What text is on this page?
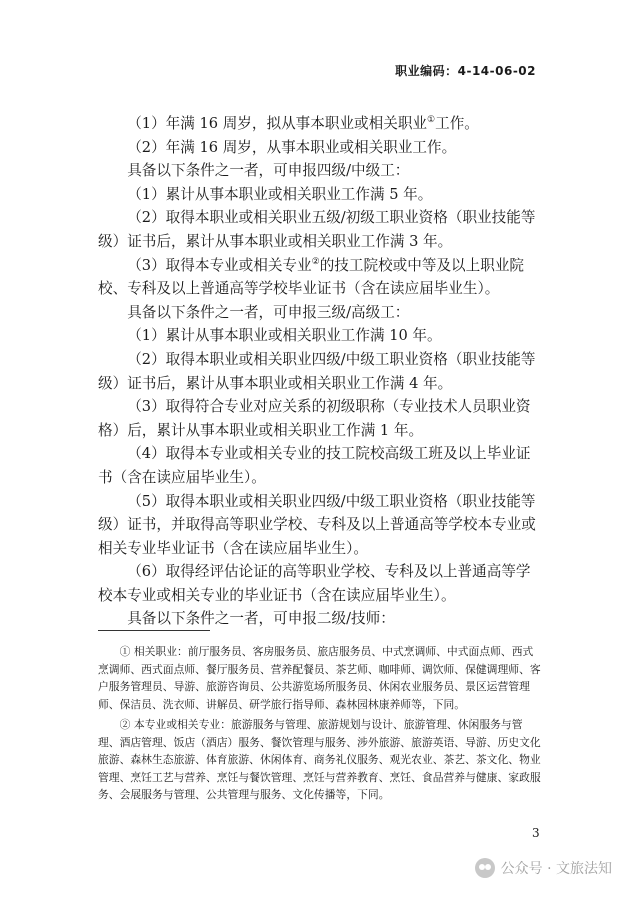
职业编码：4-14-06-02

（1）年满 16 周岁，拟从事本职业或相关职业①工作。

（2）年满 16 周岁，从事本职业或相关职业工作。

具备以下条件之一者，可申报四级/中级工：

（1）累计从事本职业或相关职业工作满 5 年。

（2）取得本职业或相关职业五级/初级工职业资格（职业技能等级）证书后，累计从事本职业或相关职业工作满 3 年。

（3）取得本专业或相关专业②的技工院校或中等及以上职业院校、专科及以上普通高等学校毕业证书（含在读应届毕业生）。

具备以下条件之一者，可申报三级/高级工：

（1）累计从事本职业或相关职业工作满 10 年。

（2）取得本职业或相关职业四级/中级工职业资格（职业技能等级）证书后，累计从事本职业或相关职业工作满 4 年。

（3）取得符合专业对应关系的初级职称（专业技术人员职业资格）后，累计从事本职业或相关职业工作满 1 年。

（4）取得本专业或相关专业的技工院校高级工班及以上毕业证书（含在读应届毕业生）。

（5）取得本职业或相关职业四级/中级工职业资格（职业技能等级）证书，并取得高等职业学校、专科及以上普通高等学校本专业或相关专业毕业证书（含在读应届毕业生）。

（6）取得经评估论证的高等职业学校、专科及以上普通高等学校本专业或相关专业的毕业证书（含在读应届毕业生）。

具备以下条件之一者，可申报二级/技师：

① 相关职业：前厅服务员、客房服务员、旅店服务员、中式烹调师、中式面点师、西式烹调师、西式面点师、餐厅服务员、营养配餐员、茶艺师、咖啡师、调饮师、保健调理师、客户服务管理员、导游、旅游咨询员、公共游览场所服务员、休闲农业服务员、景区运营管理师、保洁员、洗衣师、讲解员、研学旅行指导师、森林园林康养师等，下同。

② 本专业或相关专业：旅游服务与管理、旅游规划与设计、旅游管理、休闲服务与管理、酒店管理、饭店（酒店）服务、餐饮管理与服务、涉外旅游、旅游英语、导游、历史文化旅游、森林生态旅游、体育旅游、休闲体育、商务礼仪服务、观光农业、茶艺、茶文化、物业管理、烹饪工艺与营养、烹饪与餐饮管理、烹饪与营养教育、烹饪、食品营养与健康、家政服务、会展服务与管理、公共管理与服务、文化传播等，下同。

3
公众号 · 文旅法知
